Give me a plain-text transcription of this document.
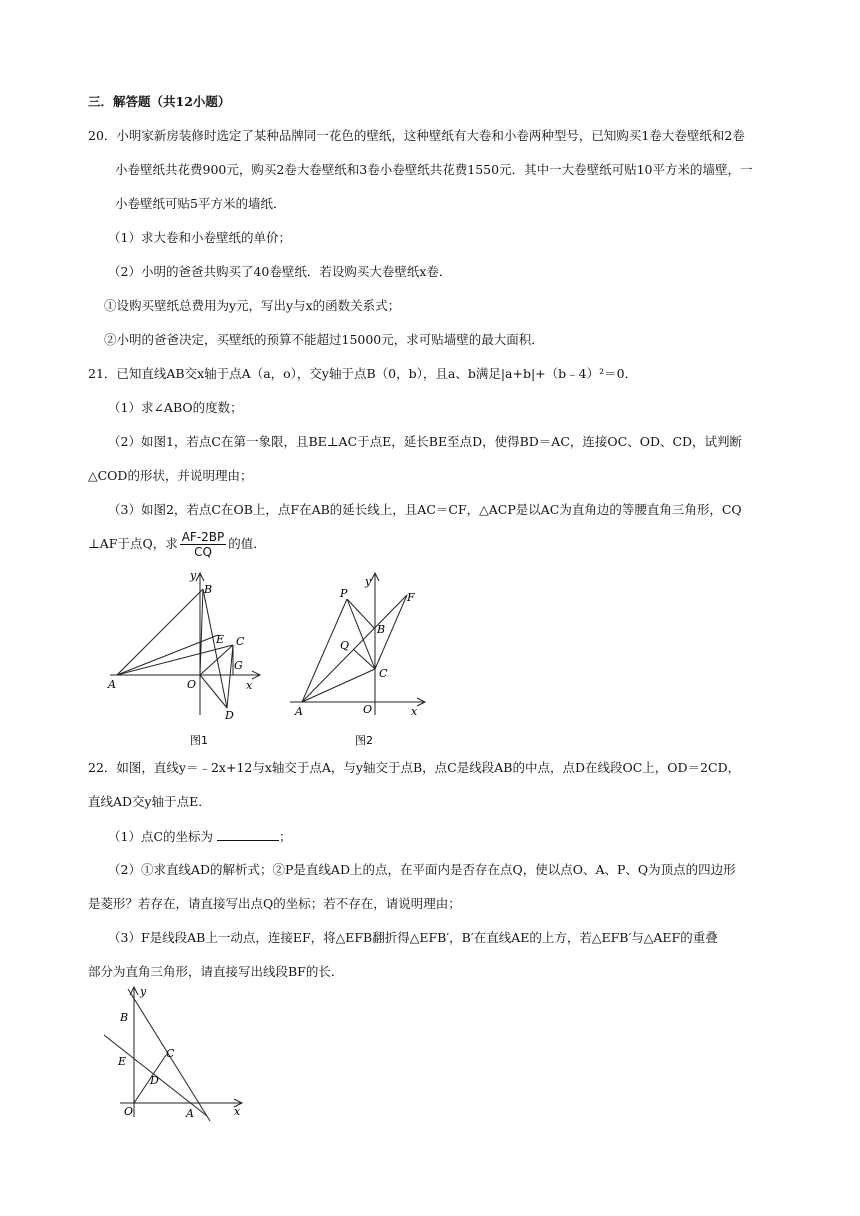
三．解答题（共12小题）
20．小明家新房装修时选定了某种品牌同一花色的壁纸，这种壁纸有大卷和小卷两种型号，已知购买1卷大卷壁纸和2卷
小卷壁纸共花费900元，购买2卷大卷壁纸和3卷小卷壁纸共花费1550元．其中一大卷壁纸可贴10平方米的墙壁，一
小卷壁纸可贴5平方米的墙纸．
（1）求大卷和小卷壁纸的单价；
（2）小明的爸爸共购买了40卷壁纸．若设购买大卷壁纸x卷．
①设购买壁纸总费用为y元，写出y与x的函数关系式；
②小明的爸爸决定，买壁纸的预算不能超过15000元，求可贴墙壁的最大面积．
21．已知直线AB交x轴于点A（a，o），交y轴于点B（0，b），且a、b满足|a+b|+（b﹣4）²＝0．
（1）求∠ABO的度数；
（2）如图1，若点C在第一象限，且BE⊥AC于点E，延长BE至点D，使得BD＝AC，连接OC、OD、CD，试判断
△COD的形状，并说明理由；
（3）如图2，若点C在OB上，点F在AB的延长线上，且AC＝CF，△ACP是以AC为直角边的等腰直角三角形，CQ
⊥AF于点Q，求 $\frac{AF-2BP}{CQ}$ 的值．
y
B
E C
G
A	O	x
D
图1
P
y
F
B
Q
C
A	O	x
图2
22．如图，直线y＝﹣2x+12与x轴交于点A，与y轴交于点B，点C是线段AB的中点，点D在线段OC上，OD＝2CD，
直线AD交y轴于点E．
（1）点C的坐标为	；
（2）①求直线AD的解析式；②P是直线AD上的点，在平面内是否存在点Q，使以点O、A、P、Q为顶点的四边形
是菱形？若存在，请直接写出点Q的坐标；若不存在，请说明理由；
（3）F是线段AB上一动点，连接EF，将△EFB翻折得△EFB′，B′在直线AE的上方，若△EFB′与△AEF的重叠
部分为直角三角形，请直接写出线段BF的长．
y
B
C
E
D
O	A	x
